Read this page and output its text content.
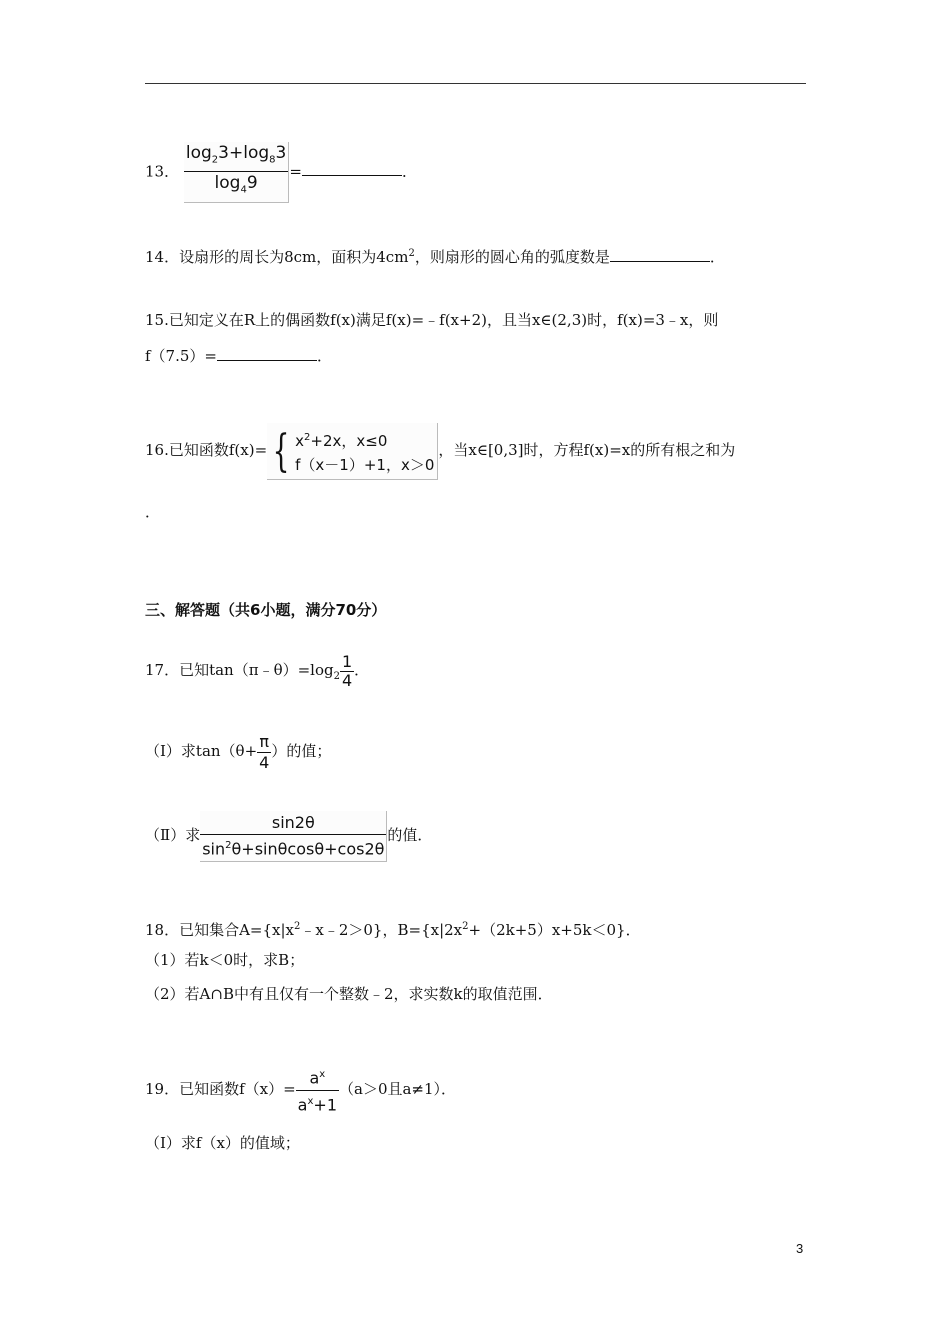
13． $\frac{\log_23+\log_83}{\log_49}$ =	．
14．设扇形的周长为8cm，面积为$4cm^2$，则扇形的圆心角的弧度数是	．
15.已知定义在R上的偶函数f(x)满足f(x)=﹣f(x+2)，且当x∈(2,3)时，f(x)=3﹣x，则
f（7.5）=	．
16.已知函数f(x)= { $x^2+2x$，x≤0
f（x－1）+1，x＞0
，当x∈[0,3]时，方程f(x)=x的所有根之和为
．
三、解答题（共6小题，满分70分）
17．已知$\tan(\pi﹣\theta)=\log_2 \frac{1}{4}$ ．
（I）求$\tan(\theta+ \frac{\pi}{4}$ ）的值；
（Ⅱ）求 $\frac{\sin 2\theta}{\sin^2\theta+\sin\theta\cos\theta+\cos 2\theta}$ 的值．
18．已知集合$A=\{x|x^2﹣x﹣2>0\}$，$B=\{x|2x^2+(2k+5)x+5k<0\}$．
（1）若k＜0时，求B；
（2）若A∩B中有且仅有一个整数﹣2，求实数k的取值范围．
19．已知函数$f(x)= \frac{a^x}{a^x+1} (a>0$且a≠1）．
（Ⅰ）求f（x）的值域；
3
